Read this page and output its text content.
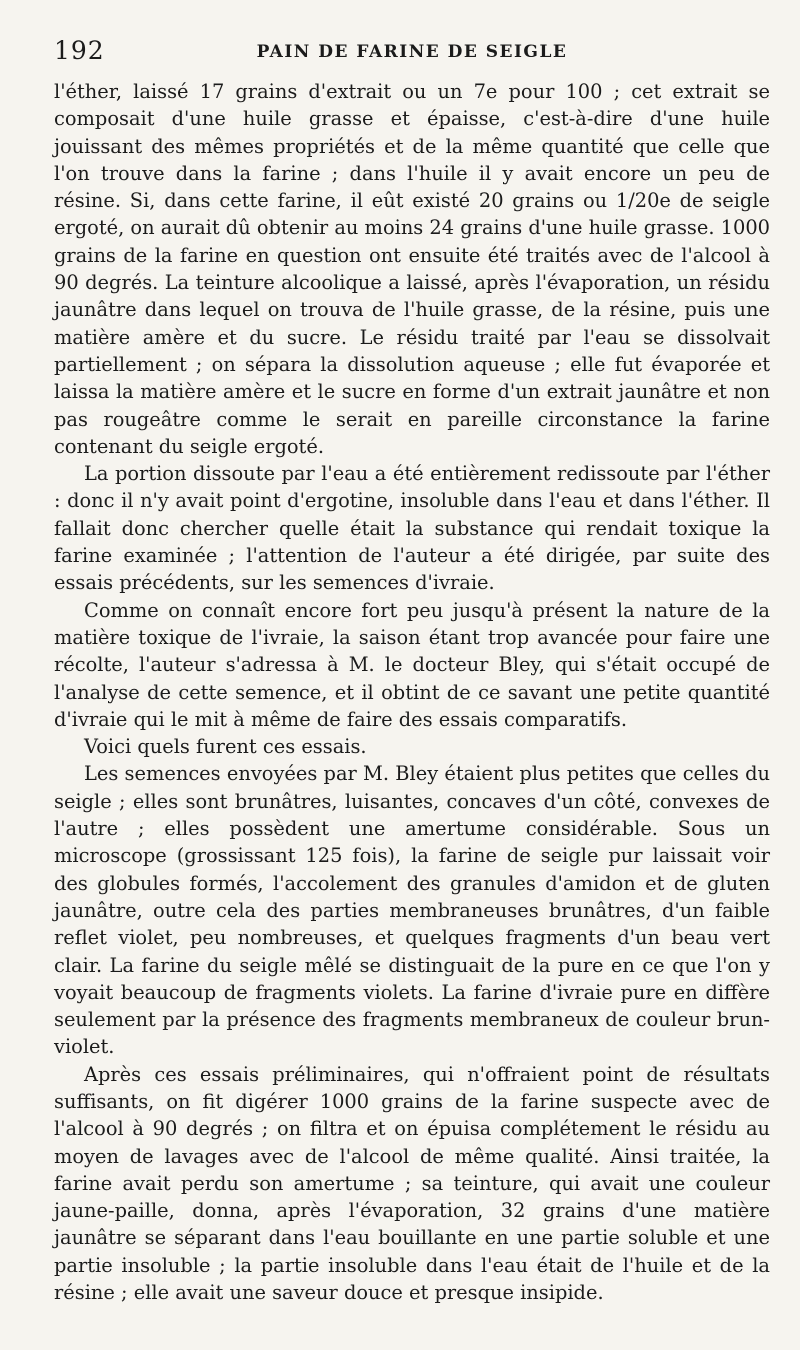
192	PAIN DE FARINE DE SEIGLE

l'éther, laissé 17 grains d'extrait ou un 7e pour 100 ; cet extrait se composait d'une huile grasse et épaisse, c'est-à-dire d'une huile jouissant des mêmes propriétés et de la même quantité que celle que l'on trouve dans la farine ; dans l'huile il y avait encore un peu de résine. Si, dans cette farine, il eût existé 20 grains ou 1/20e de seigle ergoté, on aurait dû obtenir au moins 24 grains d'une huile grasse. 1000 grains de la farine en question ont ensuite été traités avec de l'alcool à 90 degrés. La teinture alcoolique a laissé, après l'évaporation, un résidu jaunâtre dans lequel on trouva de l'huile grasse, de la résine, puis une matière amère et du sucre. Le résidu traité par l'eau se dissolvait partiellement ; on sépara la dissolution aqueuse ; elle fut évaporée et laissa la matière amère et le sucre en forme d'un extrait jaunâtre et non pas rougeâtre comme le serait en pareille circonstance la farine contenant du seigle ergoté.

La portion dissoute par l'eau a été entièrement redissoute par l'éther : donc il n'y avait point d'ergotine, insoluble dans l'eau et dans l'éther. Il fallait donc chercher quelle était la substance qui rendait toxique la farine examinée ; l'attention de l'auteur a été dirigée, par suite des essais précédents, sur les semences d'ivraie.

Comme on connaît encore fort peu jusqu'à présent la nature de la matière toxique de l'ivraie, la saison étant trop avancée pour faire une récolte, l'auteur s'adressa à M. le docteur Bley, qui s'était occupé de l'analyse de cette semence, et il obtint de ce savant une petite quantité d'ivraie qui le mit à même de faire des essais comparatifs.

Voici quels furent ces essais.

Les semences envoyées par M. Bley étaient plus petites que celles du seigle ; elles sont brunâtres, luisantes, concaves d'un côté, convexes de l'autre ; elles possèdent une amertume considérable. Sous un microscope (grossissant 125 fois), la farine de seigle pur laissait voir des globules formés, l'accolement des granules d'amidon et de gluten jaunâtre, outre cela des parties membraneuses brunâtres, d'un faible reflet violet, peu nombreuses, et quelques fragments d'un beau vert clair. La farine du seigle mêlé se distinguait de la pure en ce que l'on y voyait beaucoup de fragments violets. La farine d'ivraie pure en diffère seulement par la présence des fragments membraneux de couleur brun-violet.

Après ces essais préliminaires, qui n'offraient point de résultats suffisants, on fit digérer 1000 grains de la farine suspecte avec de l'alcool à 90 degrés ; on filtra et on épuisa complétement le résidu au moyen de lavages avec de l'alcool de même qualité. Ainsi traitée, la farine avait perdu son amertume ; sa teinture, qui avait une couleur jaune-paille, donna, après l'évaporation, 32 grains d'une matière jaunâtre se séparant dans l'eau bouillante en une partie soluble et une partie insoluble ; la partie insoluble dans l'eau était de l'huile et de la résine ; elle avait une saveur douce et presque insipide.
